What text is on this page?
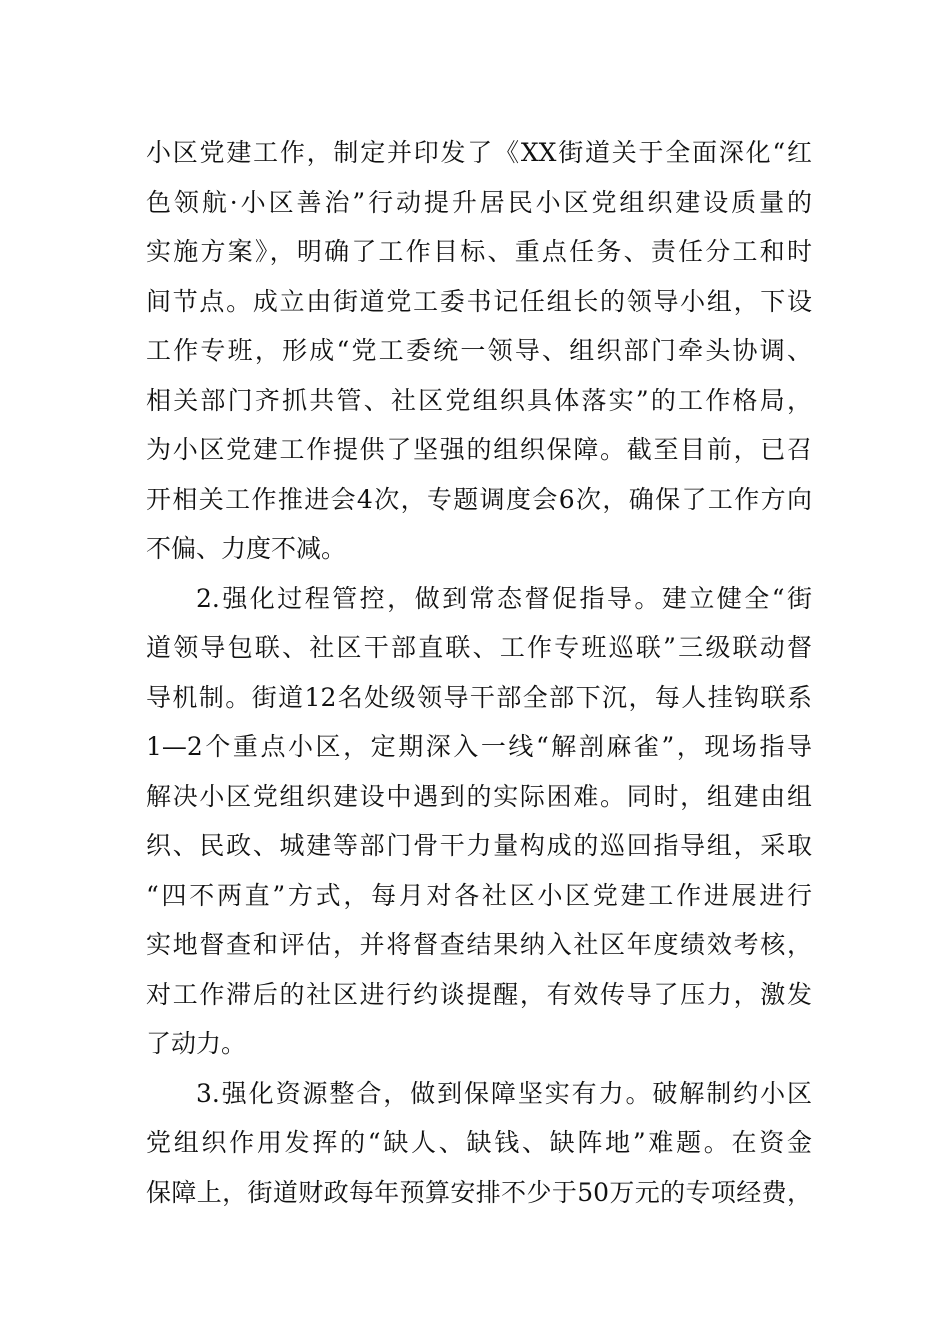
小区党建工作，制定并印发了《XX街道关于全面深化“红
色领航·小区善治”行动提升居民小区党组织建设质量的
实施方案》，明确了工作目标、重点任务、责任分工和时
间节点。成立由街道党工委书记任组长的领导小组，下设
工作专班，形成“党工委统一领导、组织部门牵头协调、
相关部门齐抓共管、社区党组织具体落实”的工作格局，
为小区党建工作提供了坚强的组织保障。截至目前，已召
开相关工作推进会4次，专题调度会6次，确保了工作方向
不偏、力度不减。
2.强化过程管控，做到常态督促指导。建立健全“街
道领导包联、社区干部直联、工作专班巡联”三级联动督
导机制。街道12名处级领导干部全部下沉，每人挂钩联系
1—2个重点小区，定期深入一线“解剖麻雀”，现场指导
解决小区党组织建设中遇到的实际困难。同时，组建由组
织、民政、城建等部门骨干力量构成的巡回指导组，采取
“四不两直”方式，每月对各社区小区党建工作进展进行
实地督查和评估，并将督查结果纳入社区年度绩效考核，
对工作滞后的社区进行约谈提醒，有效传导了压力，激发
了动力。
3.强化资源整合，做到保障坚实有力。破解制约小区
党组织作用发挥的“缺人、缺钱、缺阵地”难题。在资金
保障上，街道财政每年预算安排不少于50万元的专项经费，
